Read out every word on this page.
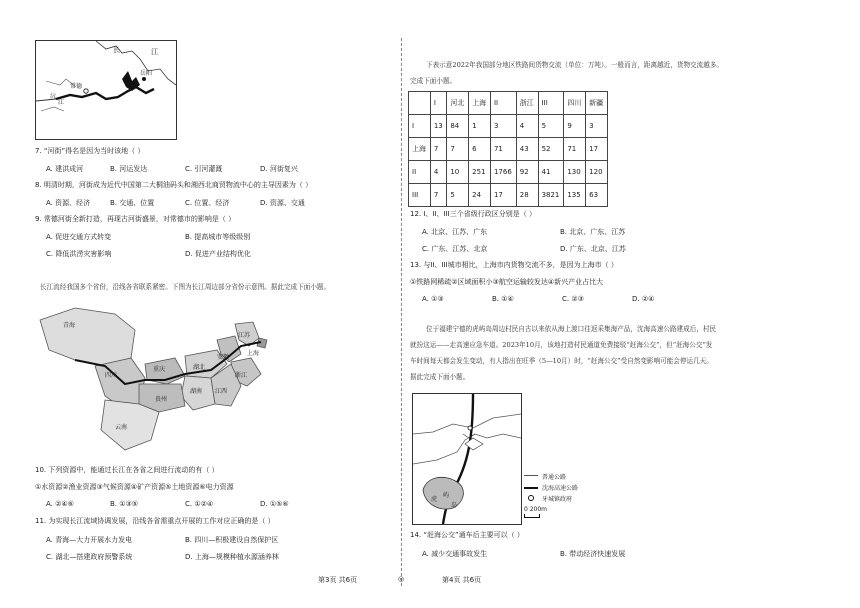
长	江
常德
岳阳
沅
江
7. “河街”得名是因为当时该地（ ）
A. 建洪成河	B. 河运发达	C. 引河灌溉	D. 河街复兴
8. 明清时期，河街成为近代中国第二大桐油码头和湘西北商贸物流中心的主导因素为（ ）
A. 资源、经济	B. 交通、位置	C. 位置、经济	D. 资源、交通
9. 常德河街全新打造，再现古河街盛景，对常德市的影响是（ ）
A. 促进交通方式转变	B. 提高城市等级级别
C. 降低洪涝灾害影响	D. 促进产业结构优化
长江流经我国多个省份，沿线各省联系紧密。下图为长江周边部分省份示意图。据此完成下面小题。
青海
四川
重庆	湖北
安徽
江苏
上海
浙江
湖南 江西
贵州
云南
10. 下列资源中，能通过长江在各省之间进行流动的有（ ）
①水资源②渔业资源③气候资源④矿产资源⑤土地资源⑥电力资源
A. ②④⑥	B. ①③⑤	C. ①②④	D. ①⑤⑥
11. 为实现长江流域协调发展，沿线各省需重点开展的工作对应正确的是（ ）
A. 青海—大力开展水力发电	B. 四川—积极建设自然保护区
C. 湖北—搭建政府预警系统	D. 上海—规模种植水源涵养林
下表示意2022年我国部分地区铁路间货物交流（单位：万吨）。一般而言，距离越近，货物交流越多。
完成下面小题。
	I	河北	上海	II	浙江	III	四川	新疆
I	13	84	1	3	4	5	9	3
上海	7	7	6	71	43	52	71	17
II	4	10	251	1766	92	41	130	120
III	7	5	24	17	28	3821	135	63
12. I、II、III三个省级行政区分别是（ ）
A. 北京、江苏、广东	B. 北京、广东、江苏
C. 广东、江苏、北京	D. 广东、北京、江苏
13. 与II、III城市相比，上海市内货物交流不多，是因为上海市（ ）
①铁路网稀疏②区域面积小③航空运输较发达④新兴产业占比大
A. ①③	B. ①④	C. ②③	D. ②④
位于福建宁德的虎屿岛周边村民自古以来依从海上渡口往返采集海产品，沈海高速公路建成后，村民
就扮这运——走高速应急车道。2023年10月，该地打造村民通道免费接驳“赶海公交”，但“赶海公交”发
车时间每天都会发生变动，有人指出在旺季（5—10月）时，“赶海公交”受自然变影响可能会停运几天。
据此完成下面小题。
虎
屿
岛
普通公路
沈海高速公路
牙城镇政府
0 200m
14. “赶海公交”通车后主要可以（ ）
A. 减少交通事故发生	B. 带动经济快速发展
第3页 共6页	◎	第4页 共6页
